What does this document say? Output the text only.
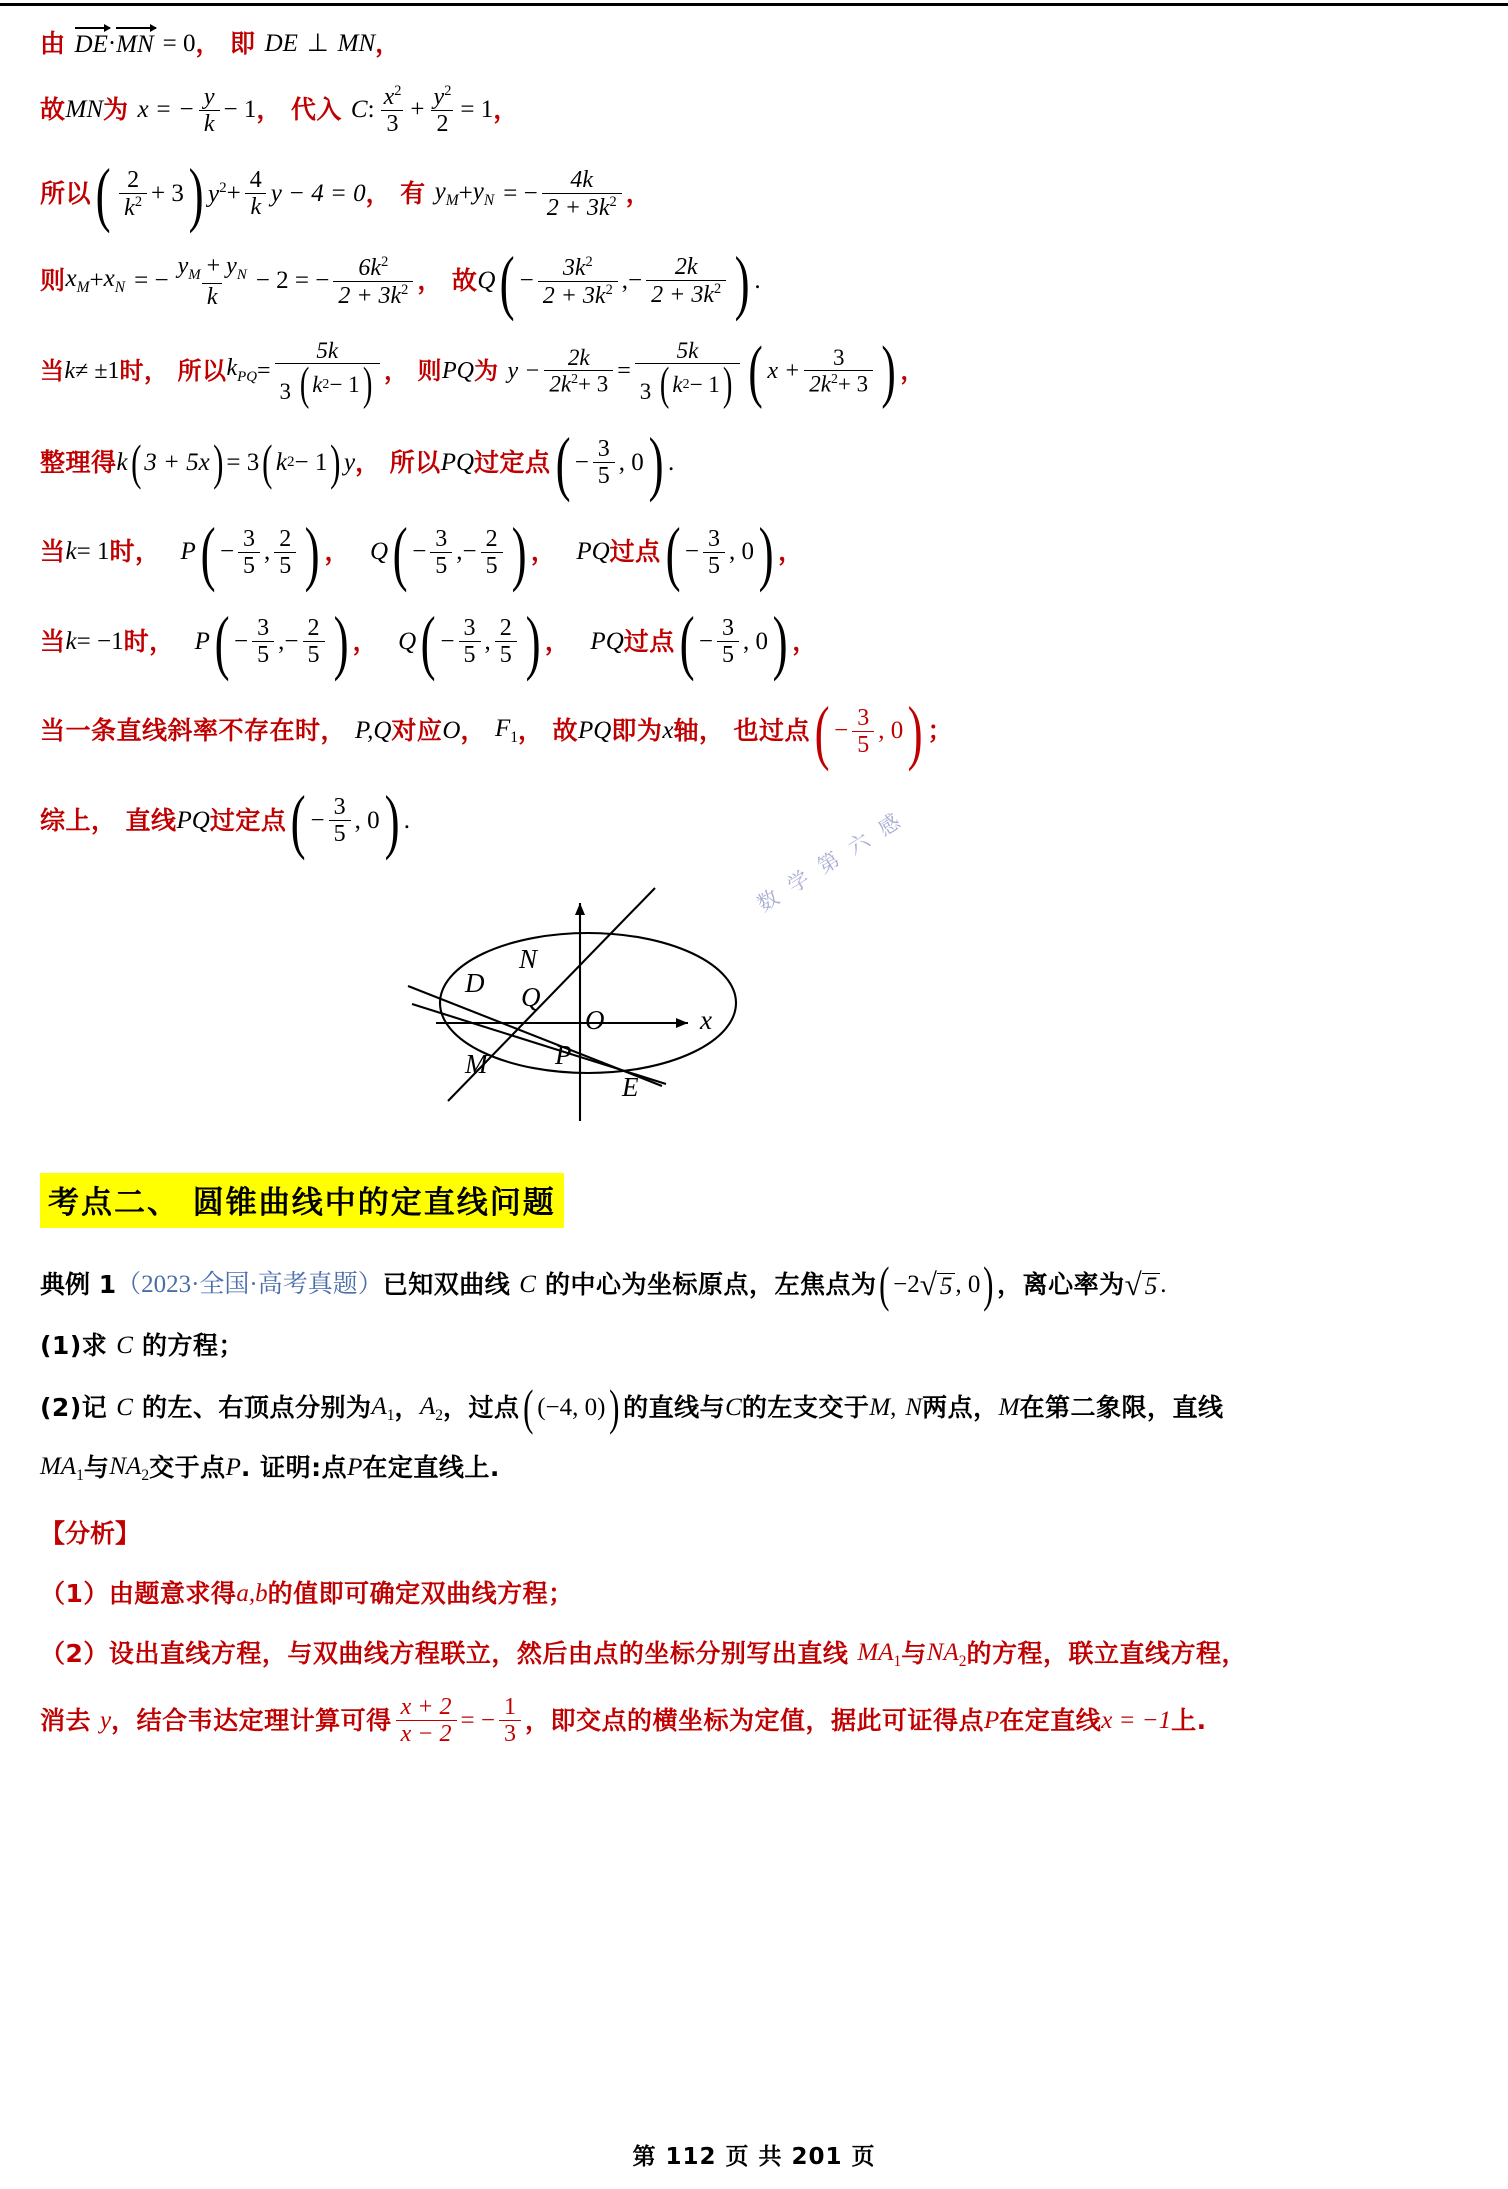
由 DE · MN = 0 ， 即 DE ⊥ MN ，
故 MN 为 x = − $\frac{y}{k} - 1$ ， 代入 C : $\frac{x^2}{3} + \frac{y^2}{2} = 1$ ，
所以 ( $\frac{2}{k^2} + 3$ ) $y^2 + \frac{4}{k}$ y − 4 = 0 ， 有 $y_M + y_N$ = − $\frac{4k}{2 + 3k^2}$ ，
则 $x_M + x_N$ = − $\frac{y_M + y_N}{k} - 2$ = − $\frac{6k^2}{2 + 3k^2}$ ， 故 Q ( − $\frac{3k^2}{2 + 3k^2}$ , − $\frac{2k}{2 + 3k^2}$ ) .
当 k ≠ ±1 时， 所以 $k_{PQ} = \frac{5k}{3 ( k 2 - 1 )}$ ， 则 PQ 为 $y - \frac{2k}{2k^2+ 3} = \frac{5k}{3 ( k 2 - 1 )}$ ( $x + \frac{3}{2k^2+ 3}$ ) ，
整理得 k ( 3 + 5x ) = 3 ( k 2 − 1 ) y ， 所以 PQ 过定点 ( − $\frac{3}{5}$ , 0 ) .
当 k = 1 时， P ( − $\frac{3}{5}$ , $\frac{2}{5}$ ) ， Q ( − $\frac{3}{5}$ ,− $\frac{2}{5}$ ) ， PQ 过点 ( − $\frac{3}{5}$ , 0 ) ，
当 k = −1 时， P ( − $\frac{3}{5}$ ,− $\frac{2}{5}$ ) ， Q ( − $\frac{3}{5}$ , $\frac{2}{5}$ ) ， PQ 过点 ( − $\frac{3}{5}$ , 0 ) ，
当一条直线斜率不存在时， P,Q 对应 O ， $F_1$ ， 故 PQ 即为 x 轴， 也过点 ( − $\frac{3}{5}$ , 0 ) ；
综上， 直线 PQ 过定点 ( − $\frac{3}{5}$ , 0 ) .	数 学 第 六 感
N
D Q
O	x
M	P
E
考点二、 圆锥曲线中的定直线问题
典例 1 （2023·全国·高考真题） 已知双曲线 C 的中心为坐标原点，左焦点为 ( −2 √ 5 , 0 ) ，离心率为 √ 5 .
(1)求 C 的方程；
(2)记 C 的左、右顶点分别为 $A_1$ ， $A_2$ ，过点 ( (−4, 0) ) 的直线与 C 的左支交于 M , N 两点， M 在第二象限，直线
$MA_1$ 与 $NA_2$ 交于点 P . 证明:点 P 在定直线上.
【分析】
（1）由题意求得 a,b 的值即可确定双曲线方程；
（2）设出直线方程，与双曲线方程联立，然后由点的坐标分别写出直线 $MA_1$ 与 $NA_2$ 的方程，联立直线方程，
消去 y ，结合韦达定理计算可得 $\frac{x + 2}{x - 2}$ = − $\frac{1}{3}$ ，即交点的横坐标为定值，据此可证得点 P 在定直线 x = −1 上.
第 112 页 共 201 页
